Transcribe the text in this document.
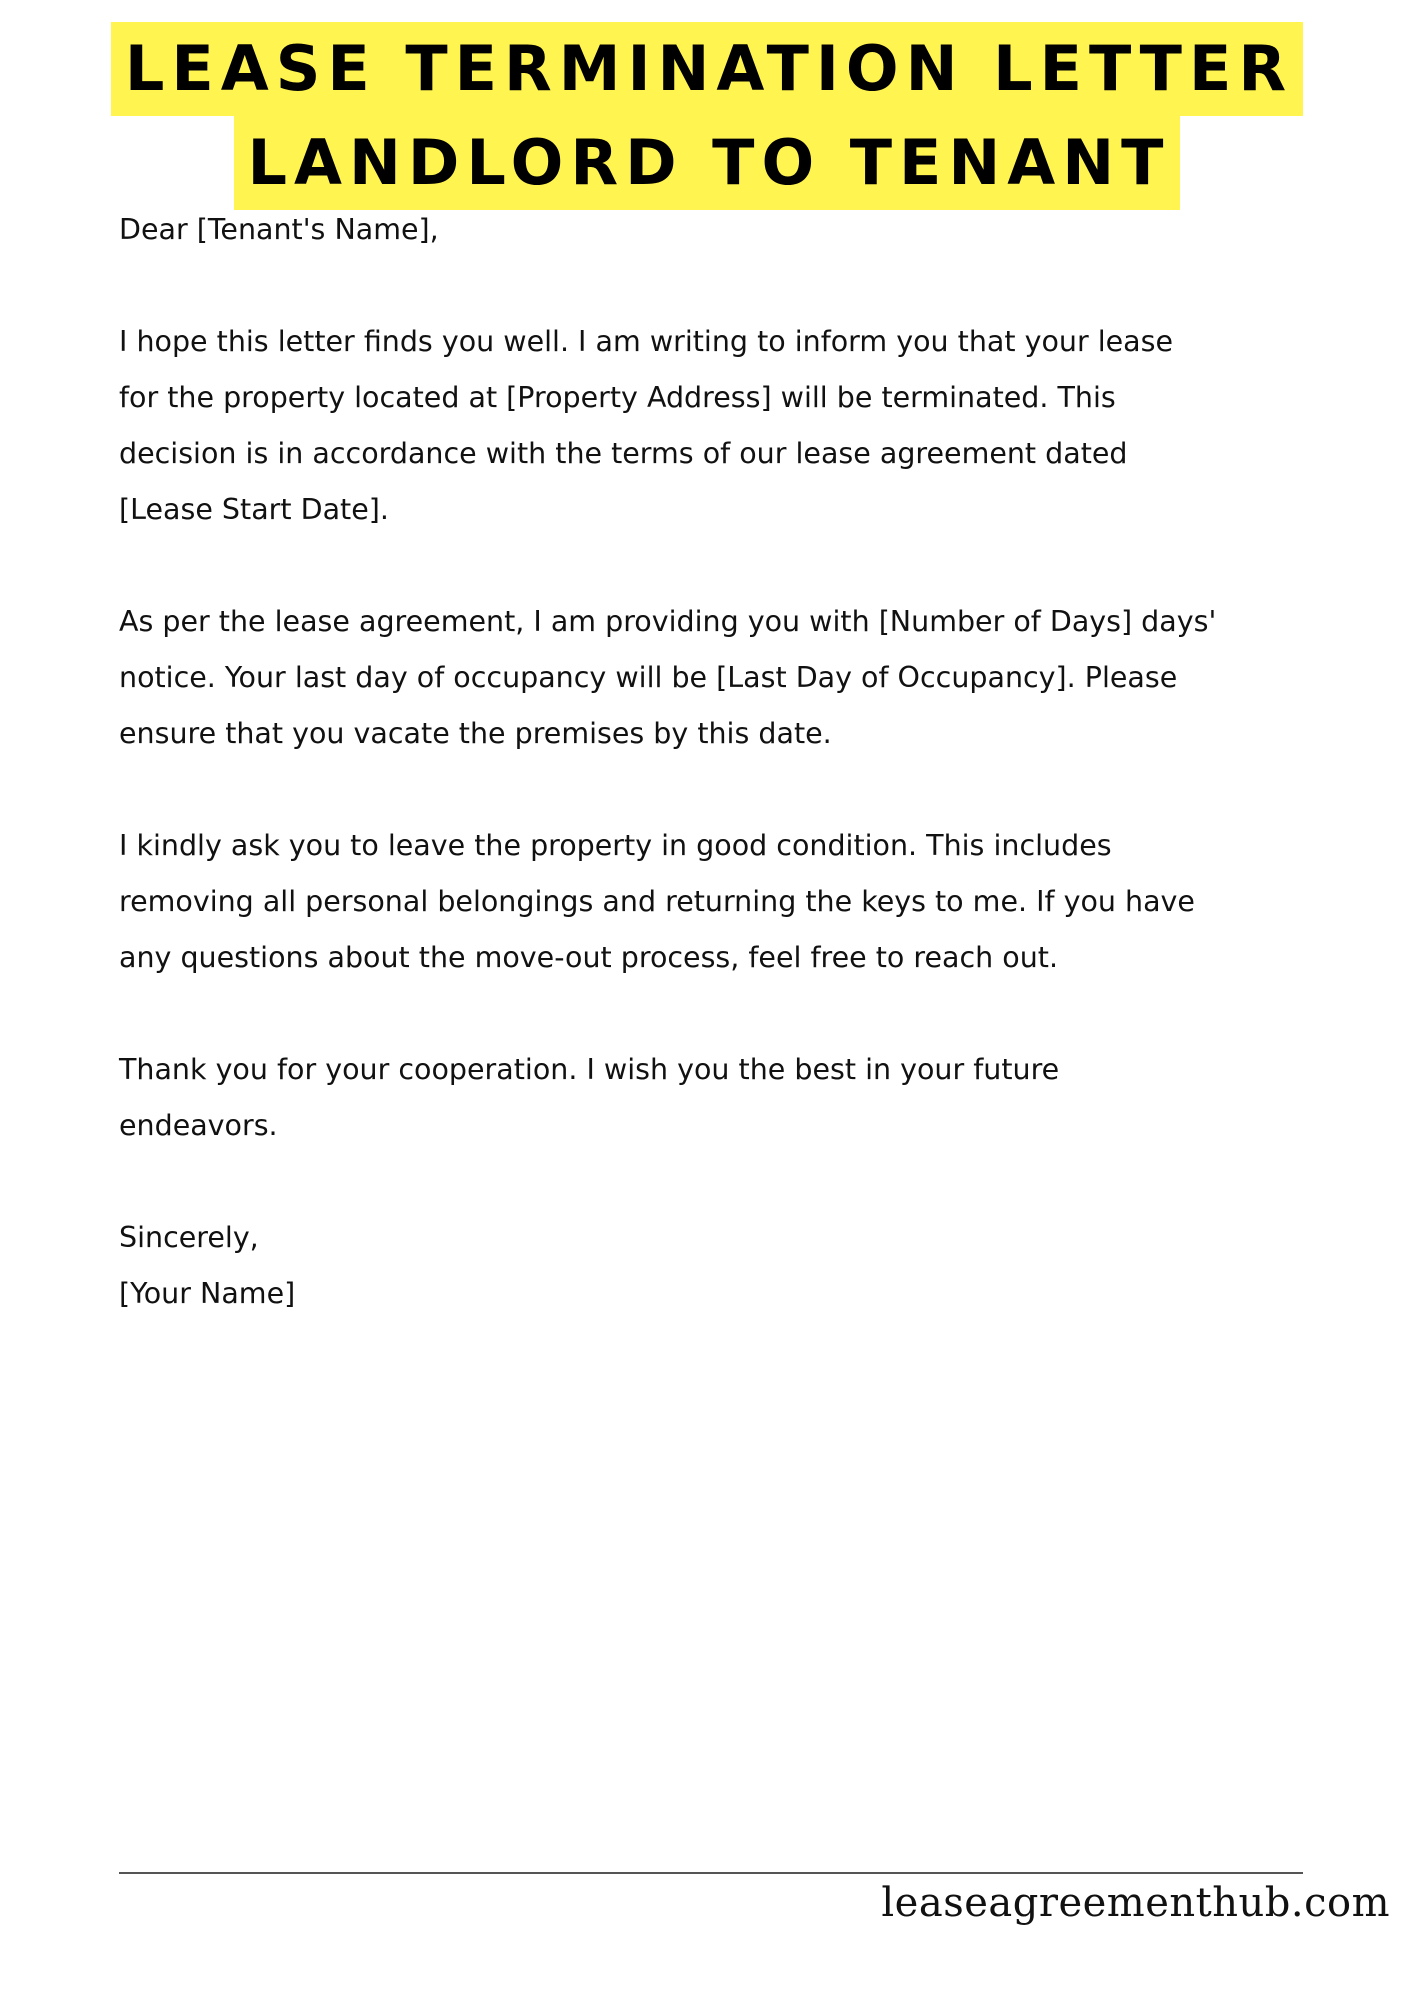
LEASE TERMINATION LETTER
LANDLORD TO TENANT

Dear [Tenant's Name],

I hope this letter finds you well. I am writing to inform you that your lease
for the property located at [Property Address] will be terminated. This
decision is in accordance with the terms of our lease agreement dated
[Lease Start Date].

As per the lease agreement, I am providing you with [Number of Days] days'
notice. Your last day of occupancy will be [Last Day of Occupancy]. Please
ensure that you vacate the premises by this date.

I kindly ask you to leave the property in good condition. This includes
removing all personal belongings and returning the keys to me. If you have
any questions about the move-out process, feel free to reach out.

Thank you for your cooperation. I wish you the best in your future
endeavors.

Sincerely,
[Your Name]
leaseagreementhub.com
